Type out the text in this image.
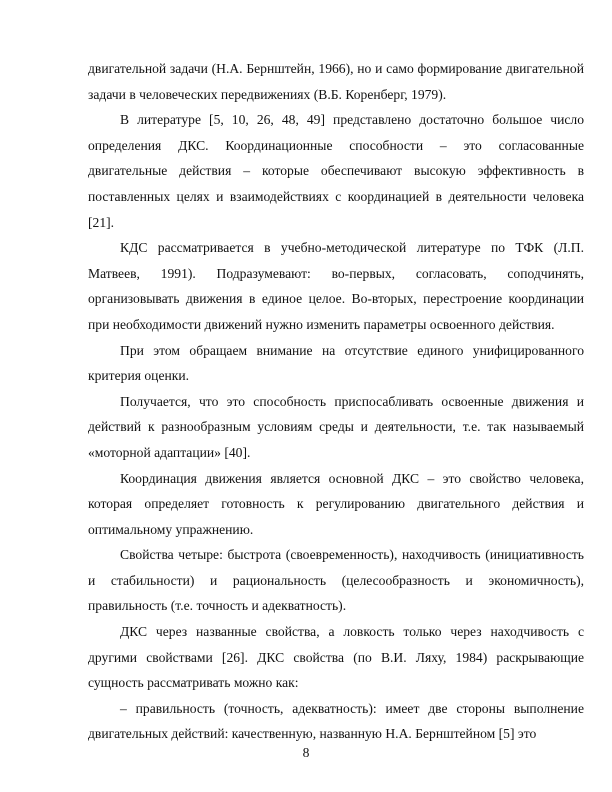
двигательной задачи (Н.А. Бернштейн, 1966), но и само формирование двигательной задачи в человеческих передвижениях (В.Б. Коренберг, 1979).

В литературе [5, 10, 26, 48, 49] представлено достаточно большое число определения ДКС. Координационные способности – это согласованные двигательные действия – которые обеспечивают высокую эффективность в поставленных целях и взаимодействиях с координацией в деятельности человека [21].

КДС рассматривается в учебно-методической литературе по ТФК (Л.П. Матвеев, 1991). Подразумевают: во-первых, согласовать, соподчинять, организовывать движения в единое целое. Во-вторых, перестроение координации при необходимости движений нужно изменить параметры освоенного действия.

При этом обращаем внимание на отсутствие единого унифицированного критерия оценки.

Получается, что это способность приспосабливать освоенные движения и действий к разнообразным условиям среды и деятельности, т.е. так называемый «моторной адаптации» [40].

Координация движения является основной ДКС – это свойство человека, которая определяет готовность к регулированию двигательного действия и оптимальному упражнению.

Свойства четыре: быстрота (своевременность), находчивость (инициативность и стабильности) и рациональность (целесообразность и экономичность), правильность (т.е. точность и адекватность).

ДКС через названные свойства, а ловкость только через находчивость с другими свойствами [26]. ДКС свойства (по В.И. Ляху, 1984) раскрывающие сущность рассматривать можно как:

– правильность (точность, адекватность): имеет две стороны выполнение двигательных действий: качественную, названную Н.А. Бернштейном [5] это

8
